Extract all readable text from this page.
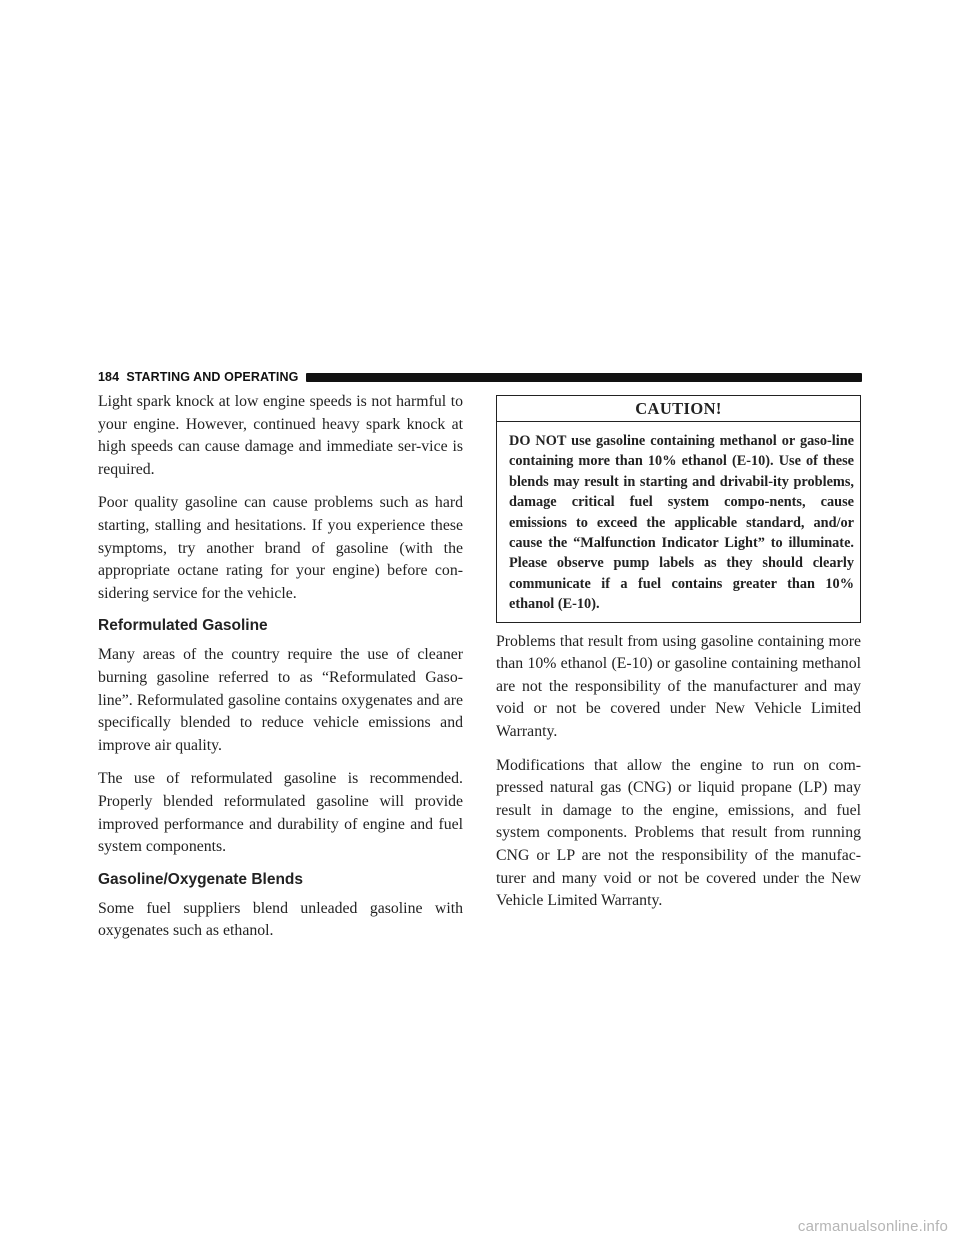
184 STARTING AND OPERATING

Light spark knock at low engine speeds is not harmful to your engine. However, continued heavy spark knock at high speeds can cause damage and immediate ser-vice is required.

Poor quality gasoline can cause problems such as hard starting, stalling and hesitations. If you experience these symptoms, try another brand of gasoline (with the appropriate octane rating for your engine) before con-sidering service for the vehicle.

Reformulated Gasoline

Many areas of the country require the use of cleaner burning gasoline referred to as “Reformulated Gaso-line”. Reformulated gasoline contains oxygenates and are specifically blended to reduce vehicle emissions and improve air quality.

The use of reformulated gasoline is recommended. Properly blended reformulated gasoline will provide improved performance and durability of engine and fuel system components.

Gasoline/Oxygenate Blends

Some fuel suppliers blend unleaded gasoline with oxygenates such as ethanol.

CAUTION!
DO NOT use gasoline containing methanol or gaso-line containing more than 10% ethanol (E-10). Use of these blends may result in starting and drivabil-ity problems, damage critical fuel system compo-nents, cause emissions to exceed the applicable standard, and/or cause the “Malfunction Indicator Light” to illuminate. Please observe pump labels as they should clearly communicate if a fuel contains greater than 10% ethanol (E-10).

Problems that result from using gasoline containing more than 10% ethanol (E-10) or gasoline containing methanol are not the responsibility of the manufacturer and may void or not be covered under New Vehicle Limited Warranty.

Modifications that allow the engine to run on com-pressed natural gas (CNG) or liquid propane (LP) may result in damage to the engine, emissions, and fuel system components. Problems that result from running CNG or LP are not the responsibility of the manufac-turer and many void or not be covered under the New Vehicle Limited Warranty.

carmanualsonline.info
